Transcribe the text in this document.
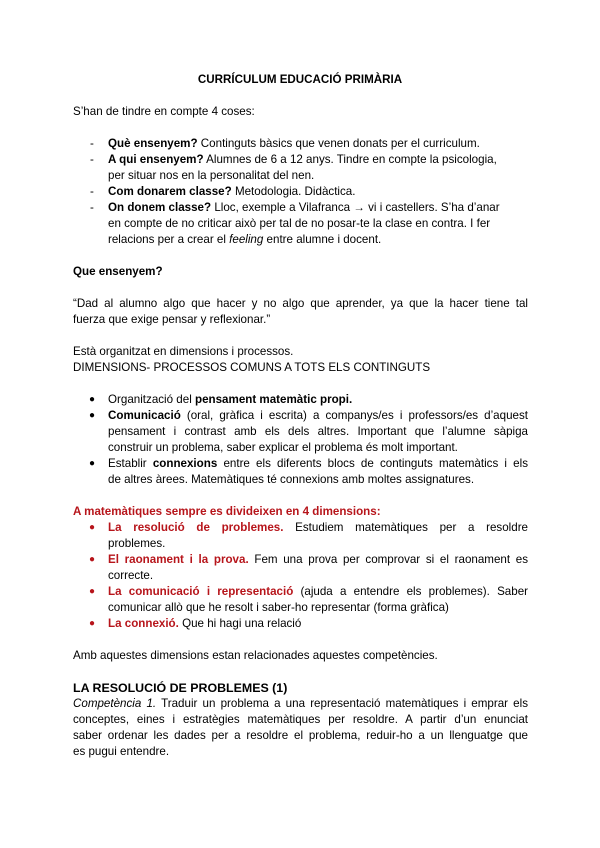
CURRÍCULUM EDUCACIÓ PRIMÀRIA
S’han de tindre en compte 4 coses:
- Què ensenyem? Continguts bàsics que venen donats per el curriculum.
- A qui ensenyem? Alumnes de 6 a 12 anys. Tindre en compte la psicologia,
per situar nos en la personalitat del nen.
- Com donarem classe? Metodologia. Didàctica.
- On donem classe? Lloc, exemple a Vilafranca → vi i castellers. S’ha d’anar
en compte de no criticar això per tal de no posar-te la clase en contra. I fer
relacions per a crear el feeling entre alumne i docent.
Que ensenyem?
“Dad al alumno algo que hacer y no algo que aprender, ya que la hacer tiene tal
fuerza que exige pensar y reflexionar.”
Està organitzat en dimensions i processos.
DIMENSIONS- PROCESSOS COMUNS A TOTS ELS CONTINGUTS
● Organització del pensament matemàtic propi.
● Comunicació (oral, gràfica i escrita) a companys/es i professors/es d’aquest
pensament i contrast amb els dels altres. Important que l’alumne sàpiga
construir un problema, saber explicar el problema és molt important.
● Establir connexions entre els diferents blocs de continguts matemàtics i els
de altres àrees. Matemàtiques té connexions amb moltes assignatures.
A matemàtiques sempre es divideixen en 4 dimensions:
● La resolució de problemes. Estudiem matemàtiques per a resoldre
problemes.
● El raonament i la prova. Fem una prova per comprovar si el raonament es
correcte.
● La comunicació i representació (ajuda a entendre els problemes). Saber
comunicar allò que he resolt i saber-ho representar (forma gràfica)
● La connexió. Que hi hagi una relació
Amb aquestes dimensions estan relacionades aquestes competències.
LA RESOLUCIÓ DE PROBLEMES (1)
Competència 1. Traduir un problema a una representació matemàtiques i emprar els
conceptes, eines i estratègies matemàtiques per resoldre. A partir d’un enunciat
saber ordenar les dades per a resoldre el problema, reduir-ho a un llenguatge que
es pugui entendre.
